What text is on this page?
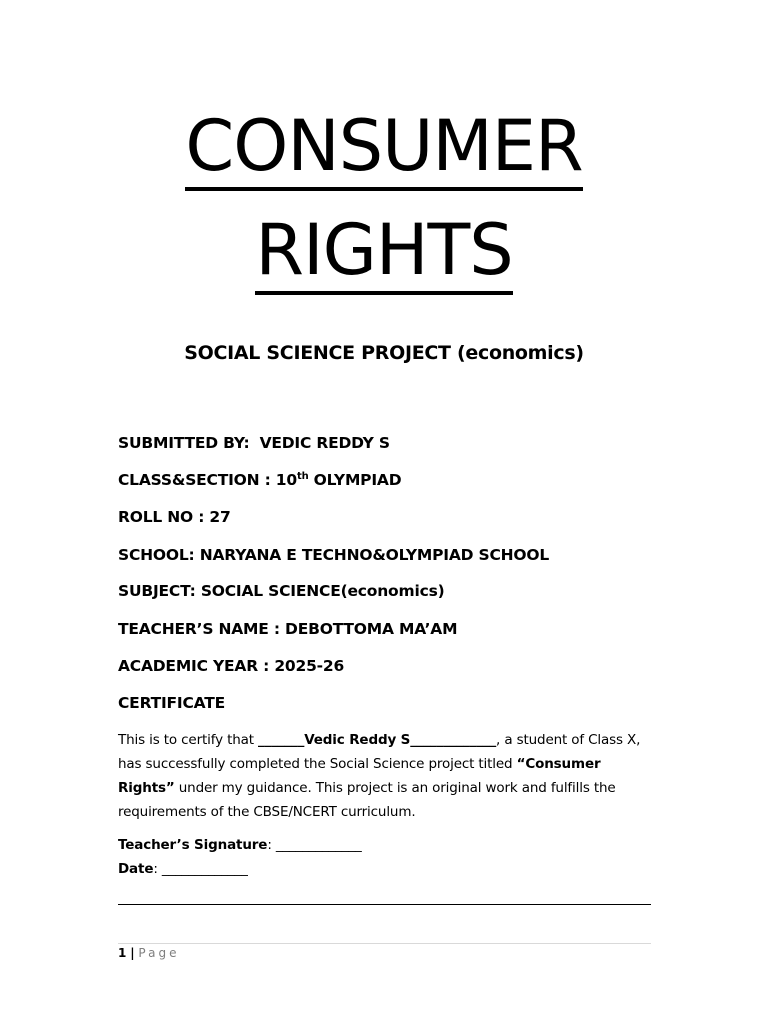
CONSUMER
RIGHTS
SOCIAL SCIENCE PROJECT (economics)
SUBMITTED BY: VEDIC REDDY S
CLASS&SECTION : 10th OLYMPIAD
ROLL NO : 27
SCHOOL: NARYANA E TECHNO&OLYMPIAD SCHOOL
SUBJECT: SOCIAL SCIENCE(economics)
TEACHER’S NAME : DEBOTTOMA MA’AM
ACADEMIC YEAR : 2025-26
CERTIFICATE
This is to certify that _______Vedic Reddy S_____________, a student of Class X, has successfully completed the Social Science project titled “Consumer Rights” under my guidance. This project is an original work and fulfills the requirements of the CBSE/NCERT curriculum.
Teacher’s Signature: _____________
Date: _____________
1 | Page
